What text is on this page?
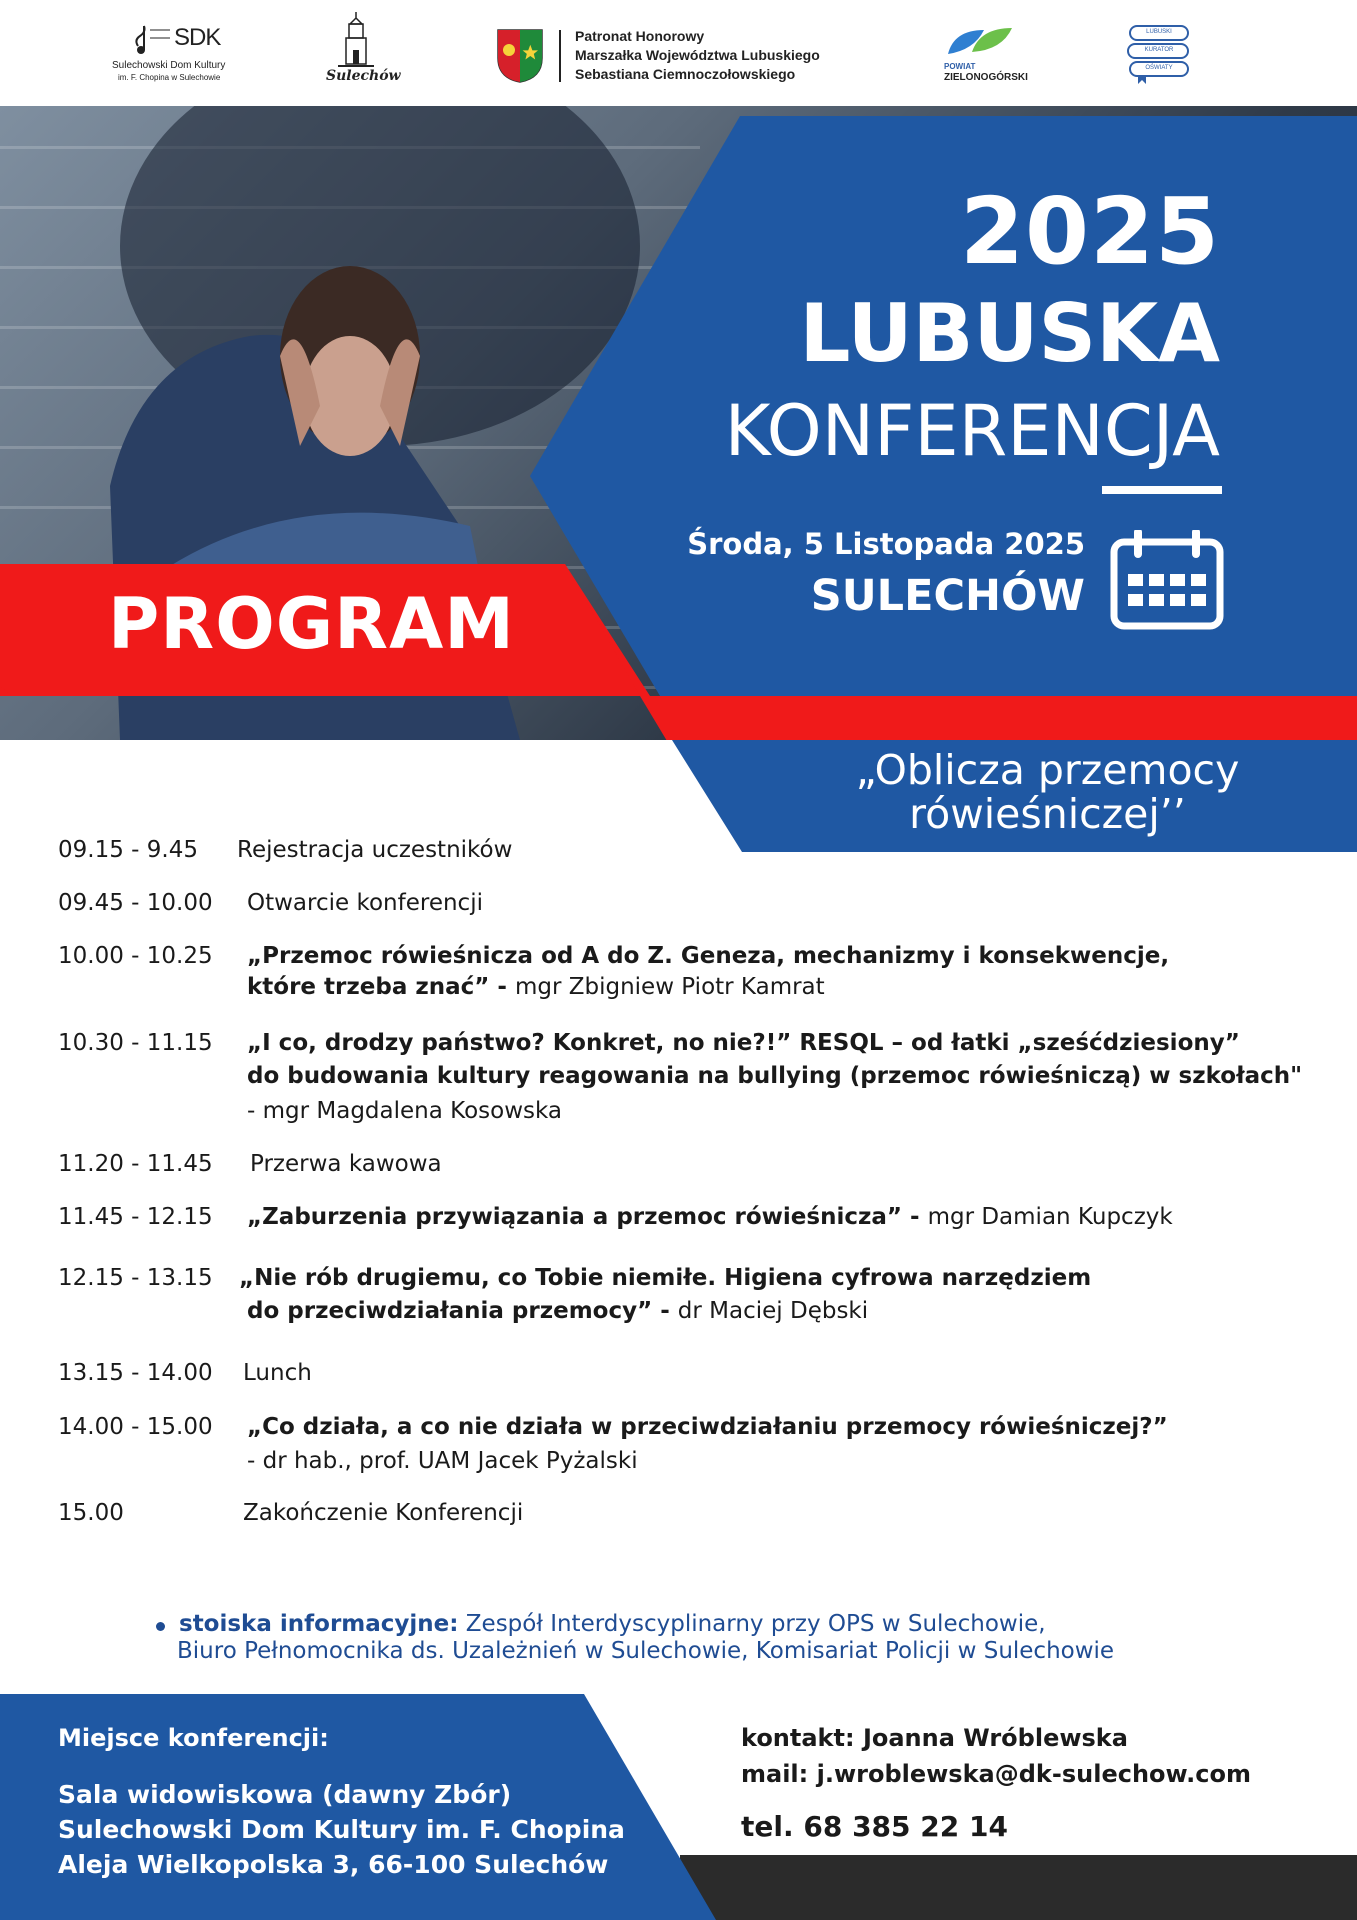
SDK
Sulechowski Dom Kultury
im. F. Chopina w Sulechowie	Sulechów
Patronat Honorowy
Marszałka Województwa Lubuskiego
Sebastiana Ciemnoczołowskiego	POWIAT
ZIELONOGÓRSKI
LUBUSKI
KURATOR
OŚWIATY
2025
LUBUSKA
KONFERENCJA
Środa, 5 Listopada 2025
SULECHÓW
PROGRAM
„Oblicza przemocy
rówieśniczej’’
09.15 - 9.45 Rejestracja uczestników
09.45 - 10.00 Otwarcie konferencji
10.00 - 10.25 „Przemoc rówieśnicza od A do Z. Geneza, mechanizmy i konsekwencje,
które trzeba znać” - mgr Zbigniew Piotr Kamrat
10.30 - 11.15 „I co, drodzy państwo? Konkret, no nie?!” RESQL – od łatki „sześćdziesiony”
do budowania kultury reagowania na bullying (przemoc rówieśniczą) w szkołach"
- mgr Magdalena Kosowska
11.20 - 11.45 Przerwa kawowa
11.45 - 12.15 „Zaburzenia przywiązania a przemoc rówieśnicza” - mgr Damian Kupczyk
12.15 - 13.15 „Nie rób drugiemu, co Tobie niemiłe. Higiena cyfrowa narzędziem
do przeciwdziałania przemocy” - dr Maciej Dębski
13.15 - 14.00 Lunch
14.00 - 15.00 „Co działa, a co nie działa w przeciwdziałaniu przemocy rówieśniczej?”
- dr hab., prof. UAM Jacek Pyżalski
15.00	Zakończenie Konferencji
stoiska informacyjne: Zespół Interdyscyplinarny przy OPS w Sulechowie,
Biuro Pełnomocnika ds. Uzależnień w Sulechowie, Komisariat Policji w Sulechowie
Miejsce konferencji:
Sala widowiskowa (dawny Zbór)
Sulechowski Dom Kultury im. F. Chopina
Aleja Wielkopolska 3, 66-100 Sulechów
kontakt: Joanna Wróblewska
mail: j.wroblewska@dk-sulechow.com
tel. 68 385 22 14
